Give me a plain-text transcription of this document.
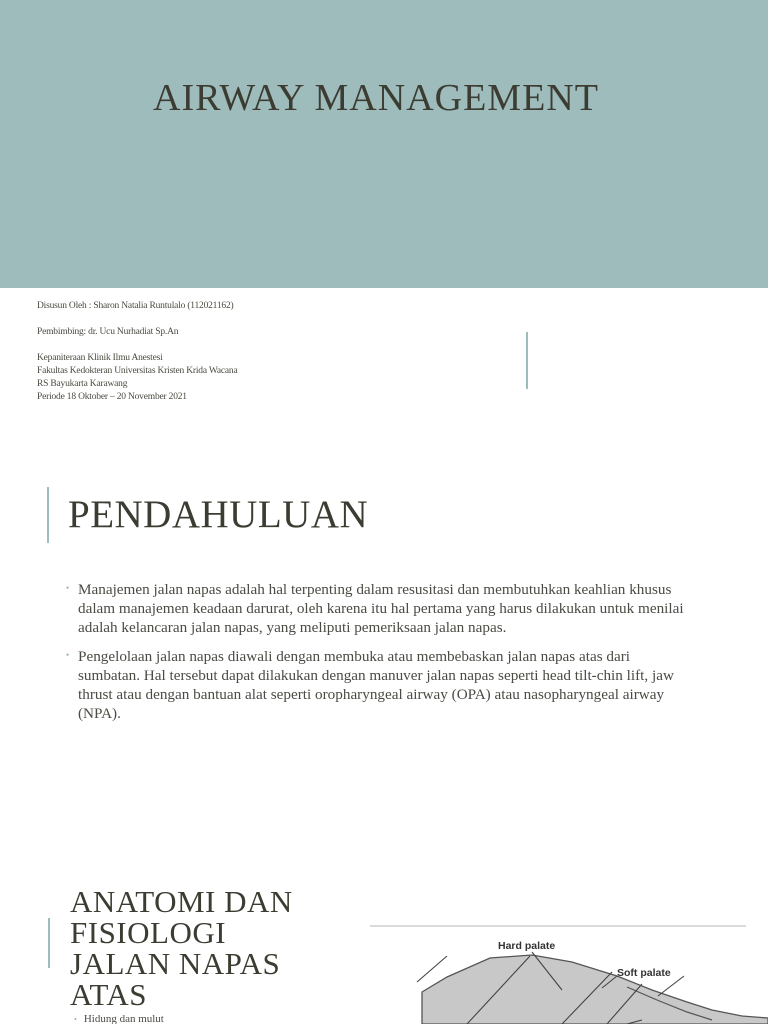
AIRWAY MANAGEMENT
Disusun Oleh : Sharon Natalia Runtulalo (112021162)
Pembimbing: dr. Ucu Nurhadiat Sp.An
Kepaniteraan Klinik Ilmu Anestesi
Fakultas Kedokteran Universitas Kristen Krida Wacana
RS Bayukarta Karawang
Periode 18 Oktober – 20 November 2021
PENDAHULUAN
• Manajemen jalan napas adalah hal terpenting dalam resusitasi dan membutuhkan keahlian khusus dalam manajemen keadaan darurat, oleh karena itu hal pertama yang harus dilakukan untuk menilai adalah kelancaran jalan napas, yang meliputi pemeriksaan jalan napas.
• Pengelolaan jalan napas diawali dengan membuka atau membebaskan jalan napas atas dari sumbatan. Hal tersebut dapat dilakukan dengan manuver jalan napas seperti head tilt-chin lift, jaw thrust atau dengan bantuan alat seperti oropharyngeal airway (OPA) atau nasopharyngeal airway (NPA).
ANATOMI DAN
FISIOLOGI
JALAN NAPAS
ATAS
• Hidung dan mulut
Hard palate
Soft palate
